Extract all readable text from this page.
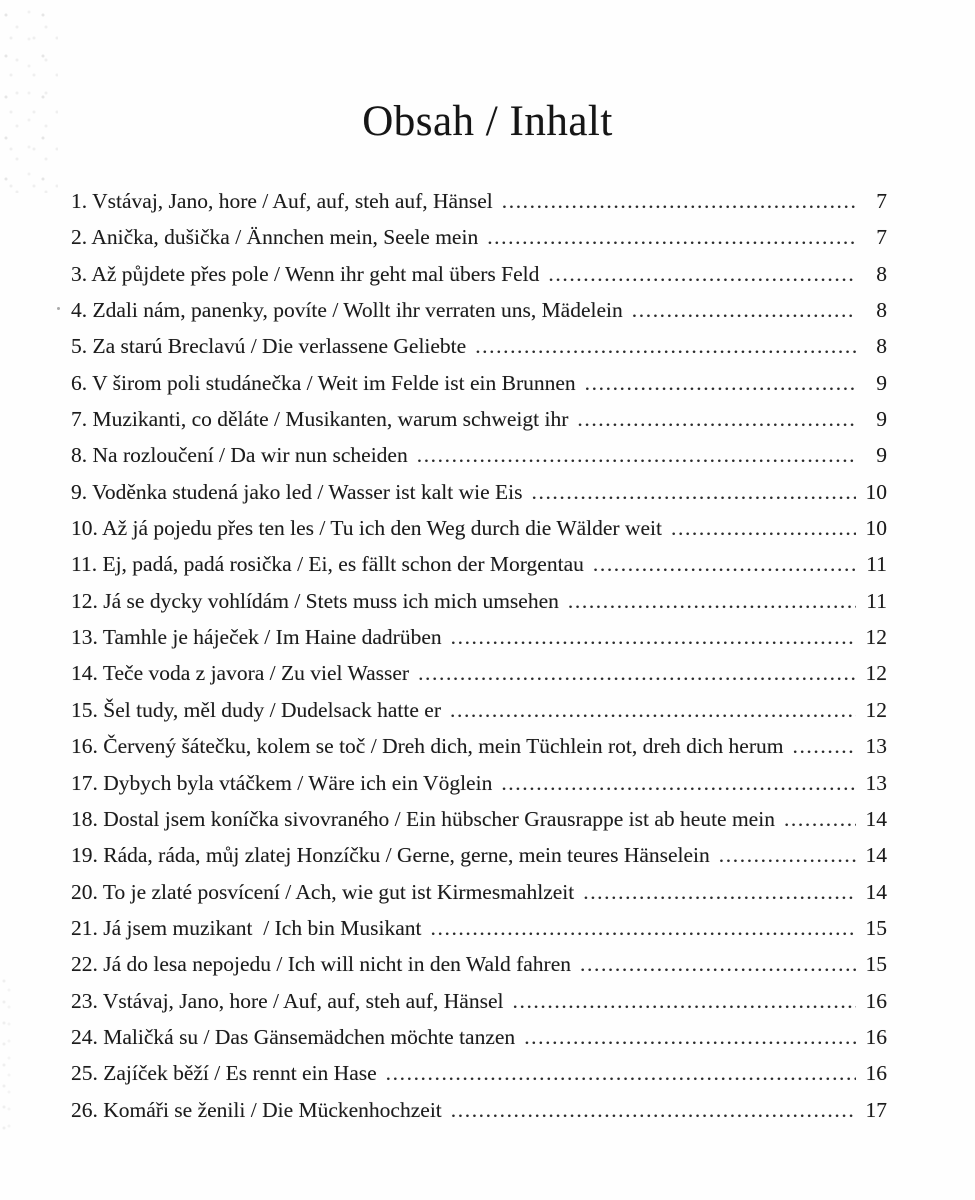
Obsah / Inhalt
1. Vstávaj, Jano, hore / Auf, auf, steh auf, Hänsel .....	7
2. Anička, dušička / Ännchen mein, Seele mein .....	7
3. Až půjdete přes pole / Wenn ihr geht mal übers Feld .....	8
4. Zdali nám, panenky, povíte / Wollt ihr verraten uns, Mädelein .....	8
5. Za starú Breclavú / Die verlassene Geliebte .....	8
6. V širom poli studánečka / Weit im Felde ist ein Brunnen .....	9
7. Muzikanti, co děláte / Musikanten, warum schweigt ihr .....	9
8. Na rozloučení / Da wir nun scheiden .....	9
9. Voděnka studená jako led / Wasser ist kalt wie Eis .....	10
10. Až já pojedu přes ten les / Tu ich den Weg durch die Wälder weit .....	10
11. Ej, padá, padá rosička / Ei, es fällt schon der Morgentau .....	11
12. Já se dycky vohlídám / Stets muss ich mich umsehen .....	11
13. Tamhle je háječek / Im Haine dadrüben .....	12
14. Teče voda z javora / Zu viel Wasser .....	12
15. Šel tudy, měl dudy / Dudelsack hatte er .....	12
16. Červený šátečku, kolem se toč / Dreh dich, mein Tüchlein rot, dreh dich herum .....	13
17. Dybych byla vtáčkem / Wäre ich ein Vöglein .....	13
18. Dostal jsem koníčka sivovraného / Ein hübscher Grausrappe ist ab heute mein .....	14
19. Ráda, ráda, můj zlatej Honzíčku / Gerne, gerne, mein teures Hänselein .....	14
20. To je zlaté posvícení / Ach, wie gut ist Kirmesmahlzeit .....	14
21. Já jsem muzikant  / Ich bin Musikant .....	15
22. Já do lesa nepojedu / Ich will nicht in den Wald fahren .....	15
23. Vstávaj, Jano, hore / Auf, auf, steh auf, Hänsel .....	16
24. Maličká su / Das Gänsemädchen möchte tanzen .....	16
25. Zajíček běží / Es rennt ein Hase .....	16
26. Komáři se ženili / Die Mückenhochzeit .....	17
